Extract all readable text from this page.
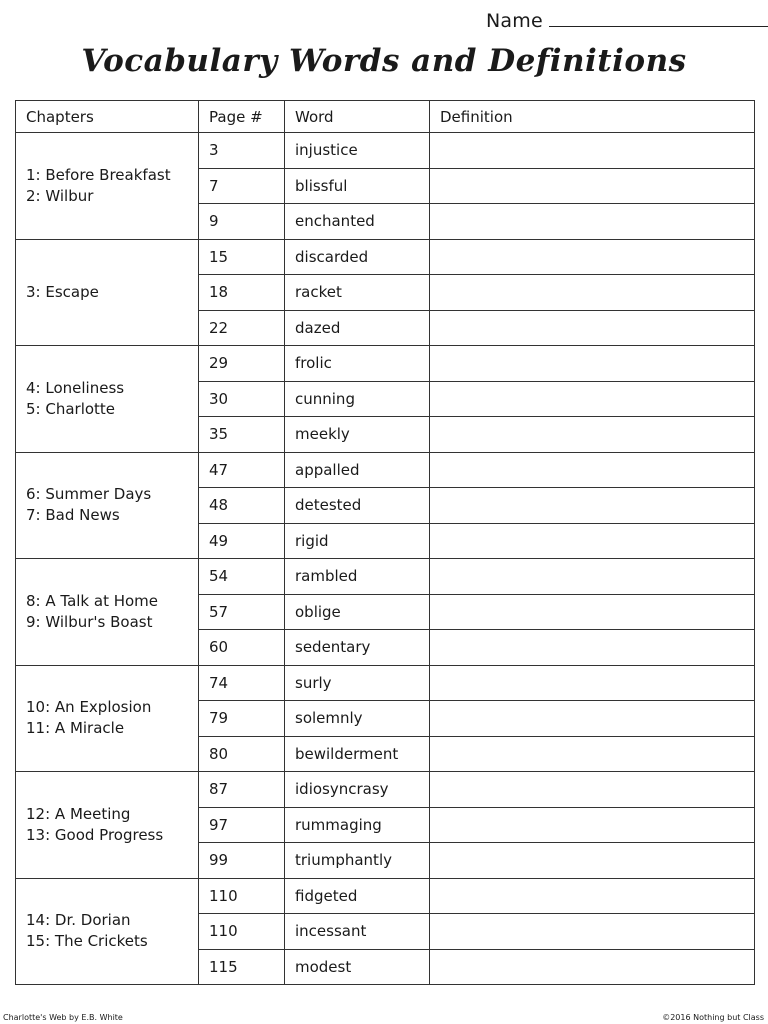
Name
Vocabulary Words and Definitions
Chapters	Page #	Word	Definition

1: Before Breakfast
2: Wilbur	3	injustice	
	7	blissful	
	9	enchanted	

3: Escape	15	discarded	
	18	racket	
	22	dazed	

4: Loneliness
5: Charlotte	29	frolic	
	30	cunning	
	35	meekly	

6: Summer Days
7: Bad News	47	appalled	
	48	detested	
	49	rigid	

8: A Talk at Home
9: Wilbur's Boast	54	rambled	
	57	oblige	
	60	sedentary	

10: An Explosion
11: A Miracle	74	surly	
	79	solemnly	
	80	bewilderment	

12: A Meeting
13: Good Progress	87	idiosyncrasy	
	97	rummaging	
	99	triumphantly	

14: Dr. Dorian
15: The Crickets	110	fidgeted	
	110	incessant	
	115	modest	
Charlotte's Web by E.B. White	©2016 Nothing but Class
